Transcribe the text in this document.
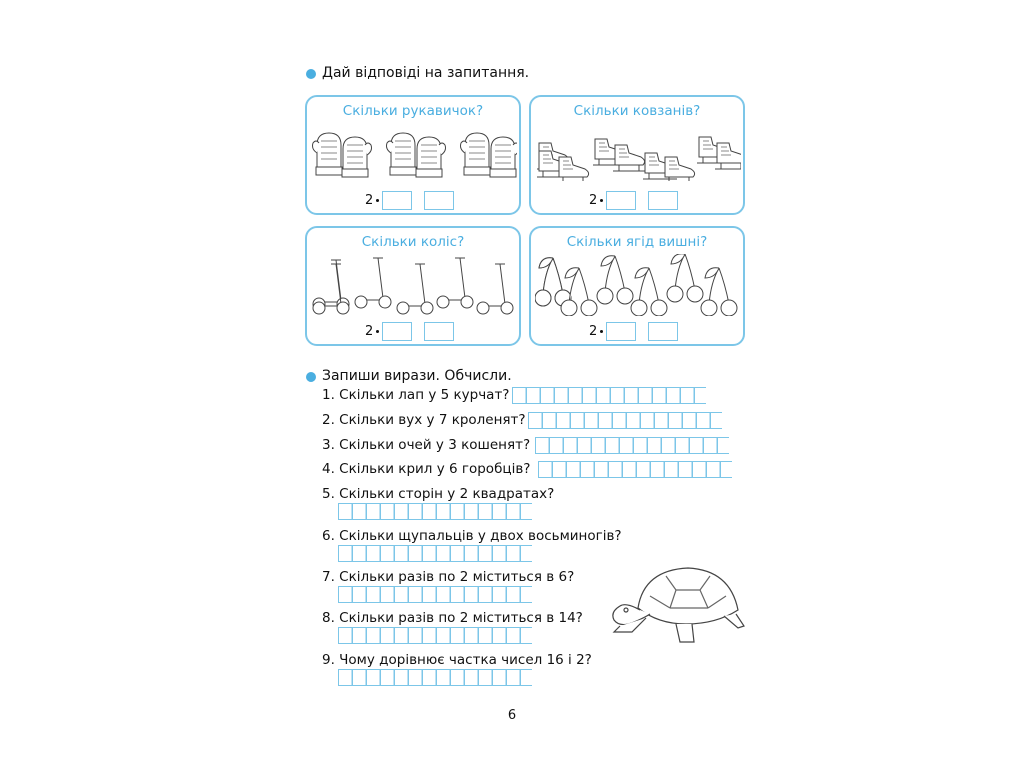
Дай відповіді на запитання.
Скільки рукавичок?
2
Скільки ковзанів?
2
Скільки коліс?
2
Скільки ягід вишні?
2
Запиши вирази. Обчисли.
1. Скільки лап у 5 курчат?
2. Скільки вух у 7 кроленят?
3. Скільки очей у 3 кошенят?
4. Скільки крил у 6 горобців?
5. Скільки сторін у 2 квадратах?
6. Скільки щупальців у двох восьминогів?
7. Скільки разів по 2 міститься в 6?
8. Скільки разів по 2 міститься в 14?
9. Чому дорівнює частка чисел 16 і 2?
6
